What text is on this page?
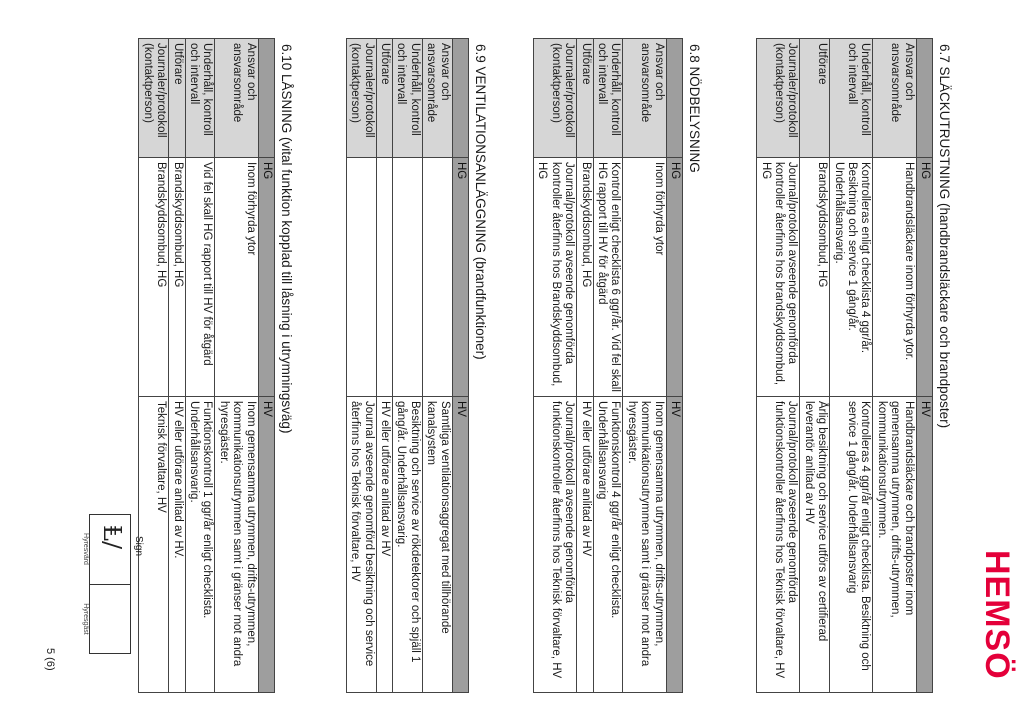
HEMSÖ
6.7 SLÄCKUTRUSTNING (handbrandsläckare och brandposter)
	HG	HV
Ansvar och ansvarsområde	Handbrandsläckare inom förhyrda ytor.	Handbrandsläckare och brandposter inom gemensamma utrymmen, drifts-utrymmen, kommunikationsutrymmen.
Underhåll, kontroll och intervall	Kontrolleras enligt checklista 4 ggr/år. Besiktning och service 1 gång/år. Underhållsansvarig.	Kontrolleras 4 ggr/år enligt checklista. Besiktning och service 1 gång/år. Underhållsansvarig
Utförare	Brandskyddsombud, HG	Årlig besiktning och service utförs av certifierad leverantör anlitad av HV
Journaler/protokoll (kontaktperson)	Journal/protokoll avseende genomförda kontroller återfinns hos brandskyddsombud, HG	Journal/protokoll avseende genomförda funktionskontroller återfinns hos Teknisk förvaltare, HV
6.8 NÖDBELYSNING
	HG	HV
Ansvar och ansvarsområde	Inom förhyrda ytor	Inom gemensamma utrymmen, drifts-utrymmen, kommunikationsutrymmen samt i gränser mot andra hyresgäster.
Underhåll, kontroll och intervall	Kontroll enligt checklista 6 ggr/år. Vid fel skall HG rapport till HV för åtgärd	Funktionskontroll 4 ggr/år enligt checklista. Underhållsansvarig
Utförare	Brandskyddsombud, HG	HV eller utförare anlitad av HV
Journaler/protokoll (kontaktperson)	Journal/protokoll avseende genomförda kontroller återfinns hos Brandskyddsombud, HG	Journal/protokoll avseende genomförda funktionskontroller återfinns hos Teknisk förvaltare, HV
6.9 VENTILATIONSANLÄGGNING (brandfunktioner)
	HG	HV
Ansvar och ansvarsområde		Samtliga ventilationsaggregat med tillhörande kanalsystem
Underhåll, kontroll och intervall		Besiktning och service av rökdetektorer och spjäll 1 gång/år. Underhållsansvarig.
Utförare		HV eller utförare anlitad av HV
Journaler/protokoll (kontaktperson)		Journal avseende genomförd besiktning och service återfinns hos Teknisk förvaltare, HV
6.10 LÅSNING (vital funktion kopplad till låsning i utrymningsväg)
	HG	HV
Ansvar och ansvarsområde	Inom förhyrda ytor	Inom gemensamma utrymmen, drifts-utrymmen, kommunikationsutrymmen samt i gränser mot andra hyresgäster.
Underhåll, kontroll och intervall	Vid fel skall HG rapport till HV för åtgärd	Funktionskontroll 1 ggr/år enligt checklista. Underhållsansvarig.
Utförare	Brandskyddsombud, HG	HV eller utförare anlitad av HV.
Journaler/protokoll (kontaktperson)	Brandskyddsombud, HG	Teknisk förvaltare, HV
Sign
Ⱡ/
Hyresvärd
Hyresgäst
5 (6)
